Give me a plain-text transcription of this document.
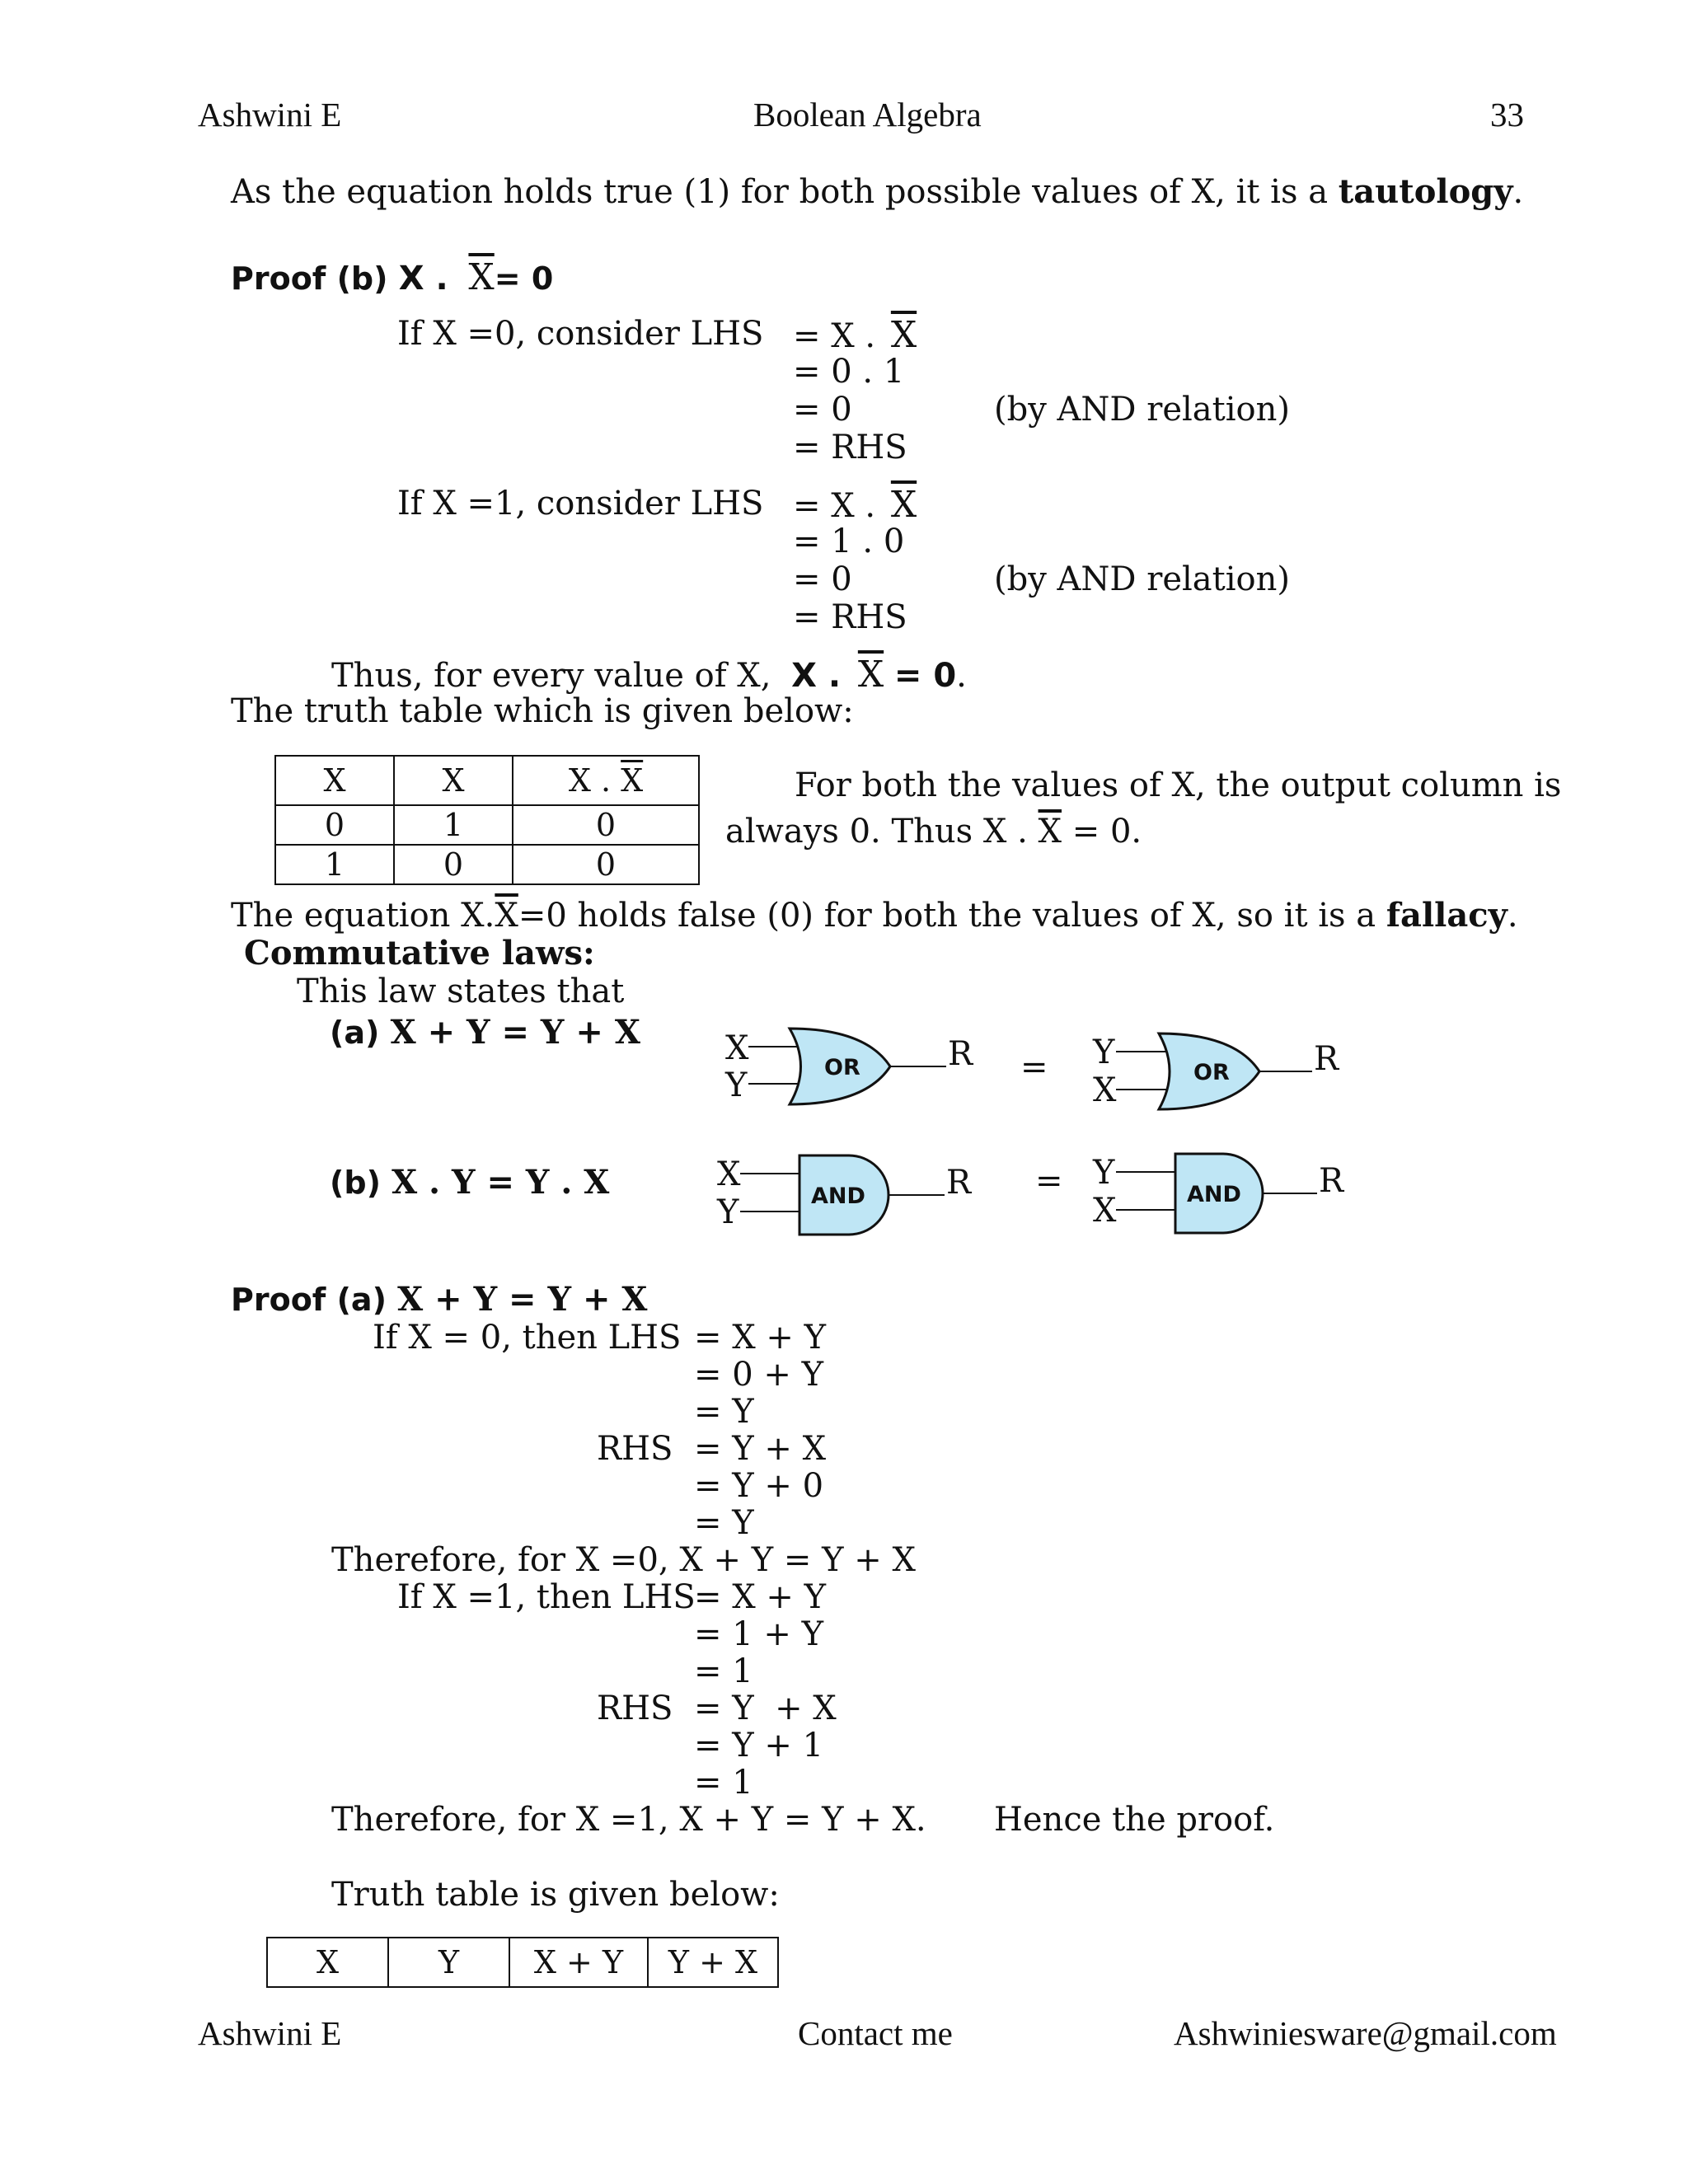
Ashwini E	Boolean Algebra	33
As the equation holds true (1) for both possible values of X, it is a tautology.
Proof (b) X . $\overline{X}= 0$
If X =0, consider LHS = X . $\overline{X}$
= 0 . 1
= 0	(by AND relation)
= RHS
If X =1, consider LHS = X . $\overline{X}$
= 1 . 0
= 0	(by AND relation)
= RHS
Thus, for every value of X, X . $\overline{X} = 0$.
The truth table which is given below:
X	X	X . $\overline{X}$
0	1	0
1	0	0
For both the values of X, the output column is
always 0. Thus X . $\overline{X} = 0$.
The equation $X.\overline{X}=0$ holds false (0) for both the values of X, so it is a fallacy.
Commutative laws:
This law states that
(a) X + Y = Y + X
(b) X . Y = Y . X
X
Y	OR	R = Y
X	OR	R
X
Y	AND R = Y
X	AND R
Proof (a) X + Y = Y + X
If X = 0, then LHS = X + Y
= 0 + Y
= Y
RHS = Y + X
= Y + 0
= Y
Therefore, for X =0, X + Y = Y + X
If X =1, then LHS
= X + Y
= 1 + Y
= 1
RHS = Y  + X
= Y + 1
= 1
Therefore, for X =1, X + Y = Y + X. Hence the proof.
Truth table is given below:
X	Y	X + Y	Y + X
Ashwini E	Contact me	Ashwiniesware@gmail.com
